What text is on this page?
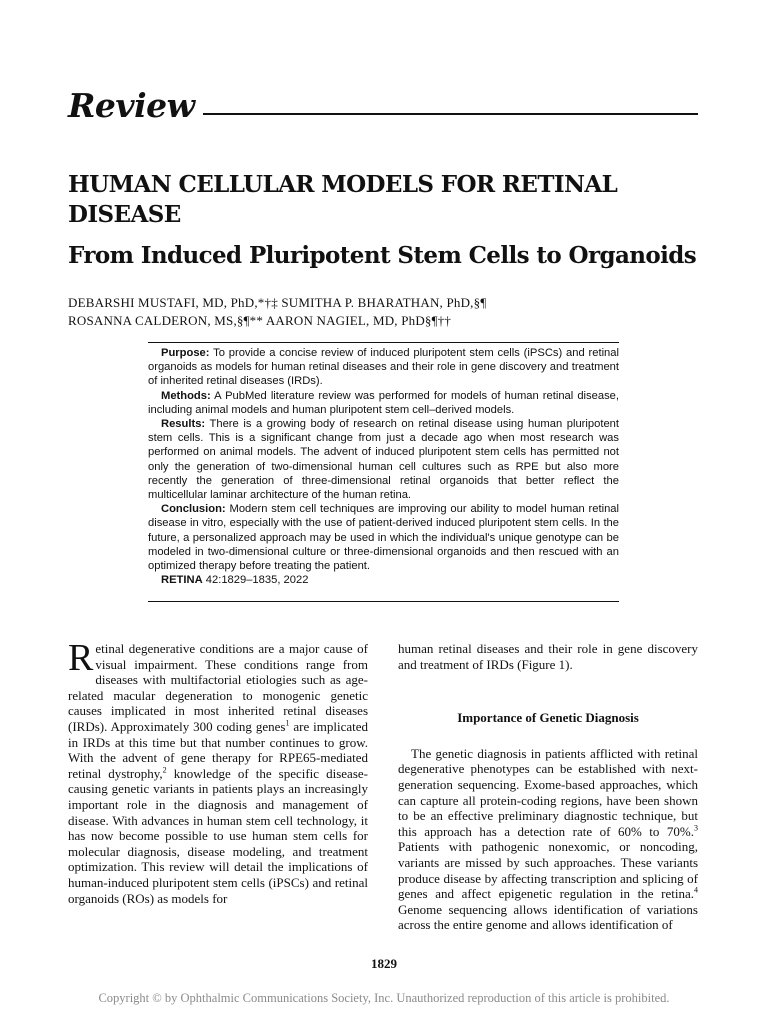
Review
HUMAN CELLULAR MODELS FOR RETINAL DISEASE
From Induced Pluripotent Stem Cells to Organoids
DEBARSHI MUSTAFI, MD, PhD,*†‡ SUMITHA P. BHARATHAN, PhD,§¶
ROSANNA CALDERON, MS,§¶** AARON NAGIEL, MD, PhD§¶††

Purpose: To provide a concise review of induced pluripotent stem cells (iPSCs) and retinal organoids as models for human retinal diseases and their role in gene discovery and treatment of inherited retinal diseases (IRDs).

Methods: A PubMed literature review was performed for models of human retinal disease, including animal models and human pluripotent stem cell–derived models.

Results: There is a growing body of research on retinal disease using human pluripotent stem cells. This is a significant change from just a decade ago when most research was performed on animal models. The advent of induced pluripotent stem cells has permitted not only the generation of two-dimensional human cell cultures such as RPE but also more recently the generation of three-dimensional retinal organoids that better reflect the multicellular laminar architecture of the human retina.

Conclusion: Modern stem cell techniques are improving our ability to model human retinal disease in vitro, especially with the use of patient-derived induced pluripotent stem cells. In the future, a personalized approach may be used in which the individual's unique genotype can be modeled in two-dimensional culture or three-dimensional organoids and then rescued with an optimized therapy before treating the patient.

RETINA 42:1829–1835, 2022

Retinal degenerative conditions are a major cause of visual impairment. These conditions range from diseases with multifactorial etiologies such as age-related macular degeneration to monogenic genetic causes implicated in most inherited retinal diseases (IRDs). Approximately 300 coding genes$^1$ are implicated in IRDs at this time but that number continues to grow. With the advent of gene therapy for RPE65-mediated retinal dystrophy,$^2$ knowledge of the specific disease-causing genetic variants in patients plays an increasingly important role in the diagnosis and management of disease. With advances in human stem cell technology, it has now become possible to use human stem cells for molecular diagnosis, disease modeling, and treatment optimization. This review will detail the implications of human-induced pluripotent stem cells (iPSCs) and retinal organoids (ROs) as models for

human retinal diseases and their role in gene discovery and treatment of IRDs (Figure 1).

Importance of Genetic Diagnosis

The genetic diagnosis in patients afflicted with retinal degenerative phenotypes can be established with next-generation sequencing. Exome-based approaches, which can capture all protein-coding regions, have been shown to be an effective preliminary diagnostic technique, but this approach has a detection rate of 60% to 70%.$^3$ Patients with pathogenic nonexomic, or noncoding, variants are missed by such approaches. These variants produce disease by affecting transcription and splicing of genes and affect epigenetic regulation in the retina.$^4$ Genome sequencing allows identification of variations across the entire genome and allows identification of

1829
Copyright © by Ophthalmic Communications Society, Inc. Unauthorized reproduction of this article is prohibited.
